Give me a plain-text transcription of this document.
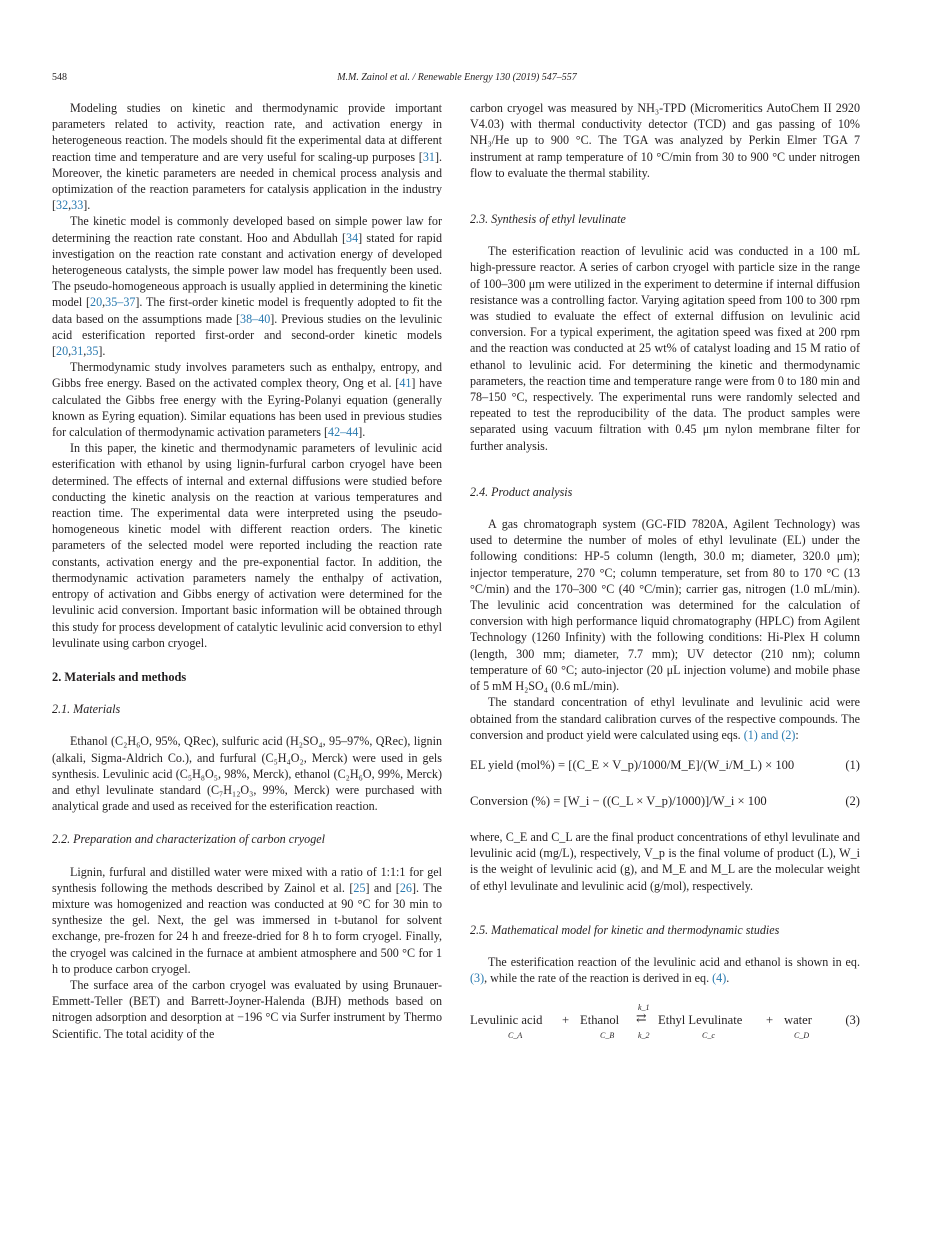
548	M.M. Zainol et al. / Renewable Energy 130 (2019) 547–557

Modeling studies on kinetic and thermodynamic provide important parameters related to activity, reaction rate, and activation energy in heterogeneous reaction. The models should fit the experimental data at different reaction time and temperature and are very useful for scaling-up purposes [31]. Moreover, the kinetic parameters are needed in chemical process analysis and optimization of the reaction parameters for catalysis application in the industry [32,33].

The kinetic model is commonly developed based on simple power law for determining the reaction rate constant. Hoo and Abdullah [34] stated for rapid investigation on the reaction rate constant and activation energy of developed heterogeneous catalysts, the simple power law model has frequently been used. The pseudo-homogeneous approach is usually applied in determining the kinetic model [20,35–37]. The first-order kinetic model is frequently adopted to fit the data based on the assumptions made [38–40]. Previous studies on the levulinic acid esterification reported first-order and second-order kinetic models [20,31,35].

Thermodynamic study involves parameters such as enthalpy, entropy, and Gibbs free energy. Based on the activated complex theory, Ong et al. [41] have calculated the Gibbs free energy with the Eyring-Polanyi equation (generally known as Eyring equation). Similar equations has been used in previous studies for calculation of thermodynamic activation parameters [42–44].

In this paper, the kinetic and thermodynamic parameters of levulinic acid esterification with ethanol by using lignin-furfural carbon cryogel have been determined. The effects of internal and external diffusions were studied before conducting the kinetic analysis on the reaction at various temperatures and reaction time. The experimental data were interpreted using the pseudo-homogeneous kinetic model with different reaction orders. The kinetic parameters of the selected model were reported including the reaction rate constants, activation energy and the pre-exponential factor. In addition, the thermodynamic activation parameters namely the enthalpy of activation, entropy of activation and Gibbs energy of activation were determined for the levulinic acid conversion. Important basic information will be obtained through this study for process development of catalytic levulinic acid conversion to ethyl levulinate using carbon cryogel.

2. Materials and methods
2.1. Materials

Ethanol (C₂H₆O, 95%, QRec), sulfuric acid (H₂SO₄, 95–97%, QRec), lignin (alkali, Sigma-Aldrich Co.), and furfural (C₅H₄O₂, Merck) were used in gels synthesis. Levulinic acid (C₅H₈O₅, 98%, Merck), ethanol (C₂H₆O, 99%, Merck) and ethyl levulinate standard (C₇H₁₂O₃, 99%, Merck) were purchased with analytical grade and used as received for the esterification reaction.

2.2. Preparation and characterization of carbon cryogel

Lignin, furfural and distilled water were mixed with a ratio of 1:1:1 for gel synthesis following the methods described by Zainol et al. [25] and [26]. The mixture was homogenized and reaction was conducted at 90 °C for 30 min to synthesize the gel. Next, the gel was immersed in t-butanol for solvent exchange, pre-frozen for 24 h and freeze-dried for 8 h to form cryogel. Finally, the cryogel was calcined in the furnace at ambient atmosphere and 500 °C for 1 h to produce carbon cryogel.

The surface area of the carbon cryogel was evaluated by using Brunauer-Emmett-Teller (BET) and Barrett-Joyner-Halenda (BJH) methods based on nitrogen adsorption and desorption at −196 °C via Surfer instrument by Thermo Scientific. The total acidity of the

carbon cryogel was measured by NH₃-TPD (Micromeritics AutoChem II 2920 V4.03) with thermal conductivity detector (TCD) and gas passing of 10% NH₃/He up to 900 °C. The TGA was analyzed by Perkin Elmer TGA 7 instrument at ramp temperature of 10 °C/min from 30 to 900 °C under nitrogen flow to evaluate the thermal stability.

2.3. Synthesis of ethyl levulinate

The esterification reaction of levulinic acid was conducted in a 100 mL high-pressure reactor. A series of carbon cryogel with particle size in the range of 100–300 μm were utilized in the experiment to determine if internal diffusion resistance was a controlling factor. Varying agitation speed from 100 to 300 rpm was studied to evaluate the effect of external diffusion on levulinic acid conversion. For a typical experiment, the agitation speed was fixed at 200 rpm and the reaction was conducted at 25 wt% of catalyst loading and 15 M ratio of ethanol to levulinic acid. For determining the kinetic and thermodynamic parameters, the reaction time and temperature range were from 0 to 180 min and 78–150 °C, respectively. The experimental runs were randomly selected and repeated to test the reproducibility of the data. The product samples were separated using vacuum filtration with 0.45 μm nylon membrane filter for further analysis.

2.4. Product analysis

A gas chromatograph system (GC-FID 7820A, Agilent Technology) was used to determine the number of moles of ethyl levulinate (EL) under the following conditions: HP-5 column (length, 30.0 m; diameter, 320.0 μm); injector temperature, 270 °C; column temperature, set from 80 to 170 °C (13 °C/min) and the 170–300 °C (40 °C/min); carrier gas, nitrogen (1.0 mL/min). The levulinic acid concentration was determined for the calculation of conversion with high performance liquid chromatography (HPLC) from Agilent Technology (1260 Infinity) with the following conditions: Hi-Plex H column (length, 300 mm; diameter, 7.7 mm); UV detector (210 nm); column temperature of 60 °C; auto-injector (20 μL injection volume) and mobile phase of 5 mM H₂SO₄ (0.6 mL/min).

The standard concentration of ethyl levulinate and levulinic acid were obtained from the standard calibration curves of the respective compounds. The conversion and product yield were calculated using eqs. (1) and (2):

EL yield (mol%) = [(C_E × V_p)/1000/M_E]/(W_i/M_L) × 100	(1)
Conversion (%) = [W_i − ((C_L × V_p)/1000)]/W_i × 100	(2)

where, C_E and C_L are the final product concentrations of ethyl levulinate and levulinic acid (mg/L), respectively, V_p is the final volume of product (L), W_i is the weight of levulinic acid (g), and M_E and M_L are the molecular weight of ethyl levulinate and levulinic acid (g/mol), respectively.

2.5. Mathematical model for kinetic and thermodynamic studies

The esterification reaction of the levulinic acid and ethanol is shown in eq. (3), while the rate of the reaction is derived in eq. (4).

Levulinic acid
C_A
+ Ethanol
C_B
k_1
⇄
k_2
Ethyl Levulinate
C_c
+ water
C_D
(3)
